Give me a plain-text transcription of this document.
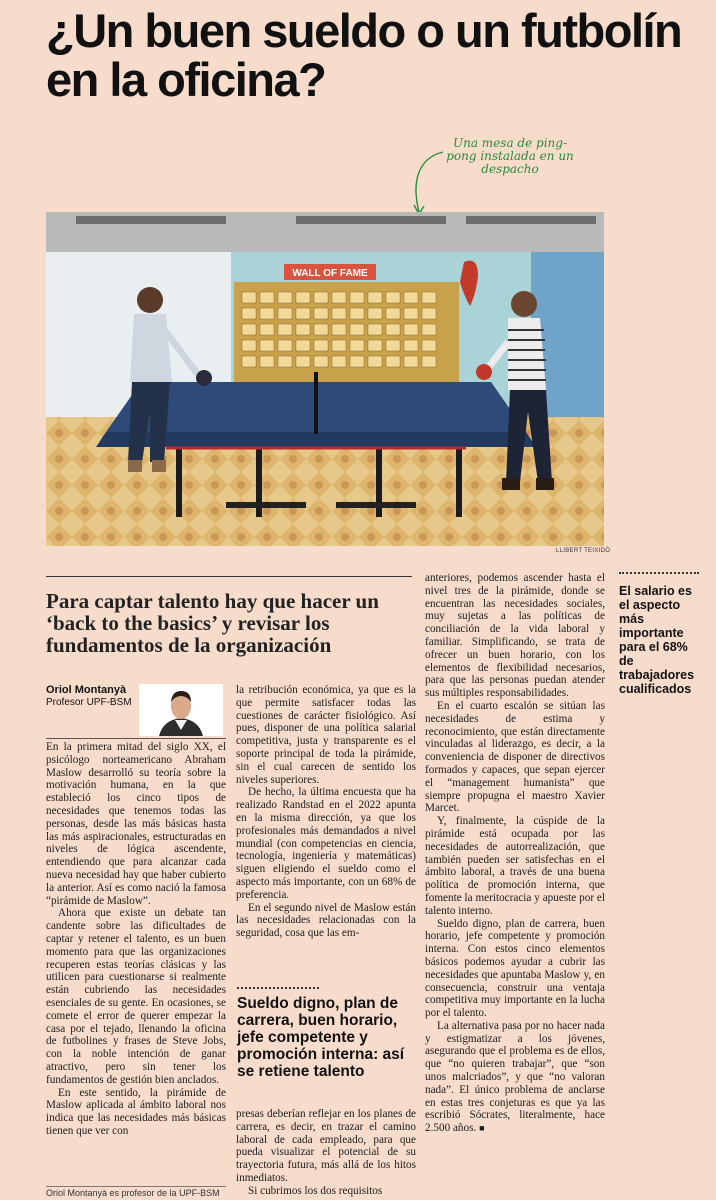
¿Un buen sueldo o un futbolín en la oficina?
Una mesa de ping-pong instalada en un despacho
WALL OF FAME
LLIBERT TEIXIDÓ
Para captar talento hay que hacer un ‘back to the basics’ y revisar los fundamentos de la organización
El salario es el aspecto más importante para el 68% de trabajadores cualificados
Oriol Montanyà
Profesor UPF-BSM

En la primera mitad del siglo XX, el psicólogo norteamericano Abraham Maslow desarrolló su teoría sobre la motivación humana, en la que estableció los cinco tipos de necesidades que tenemos todas las personas, desde las más básicas hasta las más aspiracionales, estructuradas en niveles de lógica ascendente, entendiendo que para alcanzar cada nueva necesidad hay que haber cubierto la anterior. Así es como nació la famosa “pirámide de Maslow”.

Ahora que existe un debate tan candente sobre las dificultades de captar y retener el talento, es un buen momento para que las organizaciones recuperen estas teorías clásicas y las utilicen para cuestionarse si realmente están cubriendo las necesidades esenciales de su gente. En ocasiones, se comete el error de querer empezar la casa por el tejado, llenando la oficina de futbolines y frases de Steve Jobs, con la noble intención de ganar atractivo, pero sin tener los fundamentos de gestión bien anclados.

En este sentido, la pirámide de Maslow aplicada al ámbito laboral nos indica que las necesidades más básicas tienen que ver con

la retribución económica, ya que es la que permite satisfacer todas las cuestiones de carácter fisiológico. Así pues, disponer de una política salarial competitiva, justa y transparente es el soporte principal de toda la pirámide, sin el cual carecen de sentido los niveles superiores.

De hecho, la última encuesta que ha realizado Randstad en el 2022 apunta en la misma dirección, ya que los profesionales más demandados a nivel mundial (con competencias en ciencia, tecnología, ingeniería y matemáticas) siguen eligiendo el sueldo como el aspecto más importante, con un 68% de preferencia.

En el segundo nivel de Maslow están las necesidades relacionadas con la seguridad, cosa que las em-

Sueldo digno, plan de carrera, buen horario, jefe competente y promoción interna: así se retiene talento

presas deberían reflejar en los planes de carrera, es decir, en trazar el camino laboral de cada empleado, para que pueda visualizar el potencial de su trayectoria futura, más allá de los hitos inmediatos.

Si cubrimos los dos requisitos

anteriores, podemos ascender hasta el nivel tres de la pirámide, donde se encuentran las necesidades sociales, muy sujetas a las políticas de conciliación de la vida laboral y familiar. Simplificando, se trata de ofrecer un buen horario, con los elementos de flexibilidad necesarios, para que las personas puedan atender sus múltiples responsabilidades.

En el cuarto escalón se sitúan las necesidades de estima y reconocimiento, que están directamente vinculadas al liderazgo, es decir, a la conveniencia de disponer de directivos formados y capaces, que sepan ejercer el “management humanista” que siempre propugna el maestro Xavier Marcet.

Y, finalmente, la cúspide de la pirámide está ocupada por las necesidades de autorrealización, que también pueden ser satisfechas en el ámbito laboral, a través de una buena política de promoción interna, que fomente la meritocracia y apueste por el talento interno.

Sueldo digno, plan de carrera, buen horario, jefe competente y promoción interna. Con estos cinco elementos básicos podemos ayudar a cubrir las necesidades que apuntaba Maslow y, en consecuencia, construir una ventaja competitiva muy importante en la lucha por el talento.

La alternativa pasa por no hacer nada y estigmatizar a los jóvenes, asegurando que el problema es de ellos, que “no quieren trabajar”, que “son unos malcriados”, y que “no valoran nada”. El único problema de anclarse en estas tres conjeturas es que ya las escribió Sócrates, literalmente, hace 2.500 años. ■

Oriol Montanyà es profesor de la UPF-BSM
